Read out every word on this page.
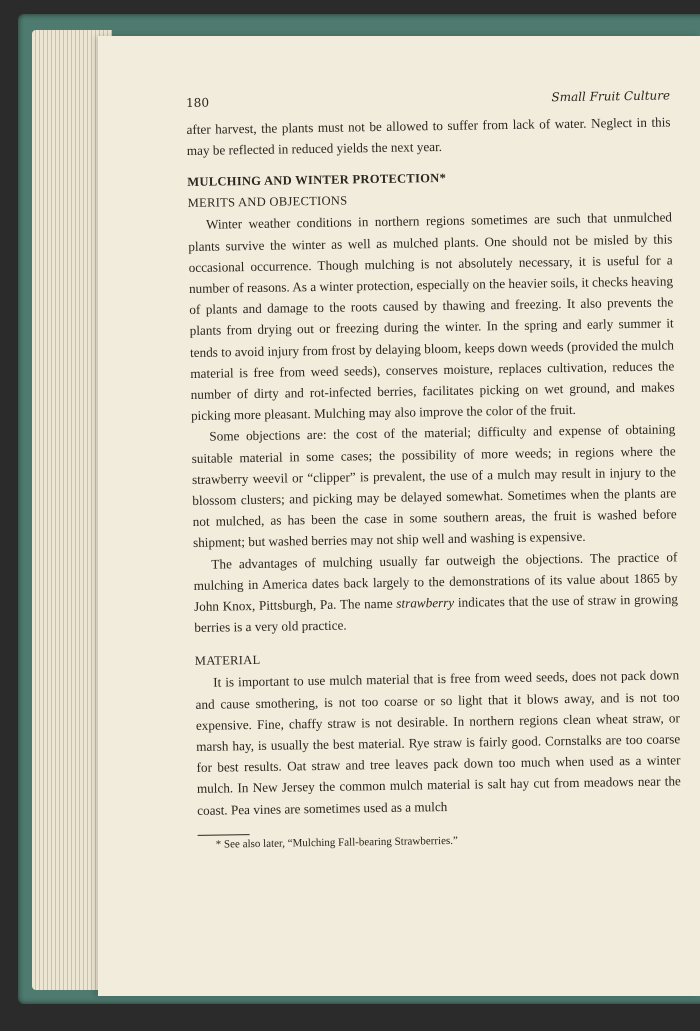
180	Small Fruit Culture

after harvest, the plants must not be allowed to suffer from lack of water. Neglect in this may be reflected in reduced yields the next year.

MULCHING AND WINTER PROTECTION*
MERITS AND OBJECTIONS

Winter weather conditions in northern regions sometimes are such that unmulched plants survive the winter as well as mulched plants. One should not be misled by this occasional occurrence. Though mulching is not absolutely necessary, it is useful for a number of reasons. As a winter protection, especially on the heavier soils, it checks heaving of plants and damage to the roots caused by thawing and freezing. It also prevents the plants from drying out or freezing during the winter. In the spring and early summer it tends to avoid injury from frost by delaying bloom, keeps down weeds (provided the mulch material is free from weed seeds), conserves moisture, replaces cultivation, reduces the number of dirty and rot-infected berries, facilitates picking on wet ground, and makes picking more pleasant. Mulching may also improve the color of the fruit.

Some objections are: the cost of the material; difficulty and expense of obtaining suitable material in some cases; the possibility of more weeds; in regions where the strawberry weevil or “clipper” is prevalent, the use of a mulch may result in injury to the blossom clusters; and picking may be delayed somewhat. Sometimes when the plants are not mulched, as has been the case in some southern areas, the fruit is washed before shipment; but washed berries may not ship well and washing is expensive.

The advantages of mulching usually far outweigh the objections. The practice of mulching in America dates back largely to the demonstrations of its value about 1865 by John Knox, Pittsburgh, Pa. The name strawberry indicates that the use of straw in growing berries is a very old practice.

MATERIAL

It is important to use mulch material that is free from weed seeds, does not pack down and cause smothering, is not too coarse or so light that it blows away, and is not too expensive. Fine, chaffy straw is not desirable. In northern regions clean wheat straw, or marsh hay, is usually the best material. Rye straw is fairly good. Cornstalks are too coarse for best results. Oat straw and tree leaves pack down too much when used as a winter mulch. In New Jersey the common mulch material is salt hay cut from meadows near the coast. Pea vines are sometimes used as a mulch

* See also later, “Mulching Fall-bearing Strawberries.”
